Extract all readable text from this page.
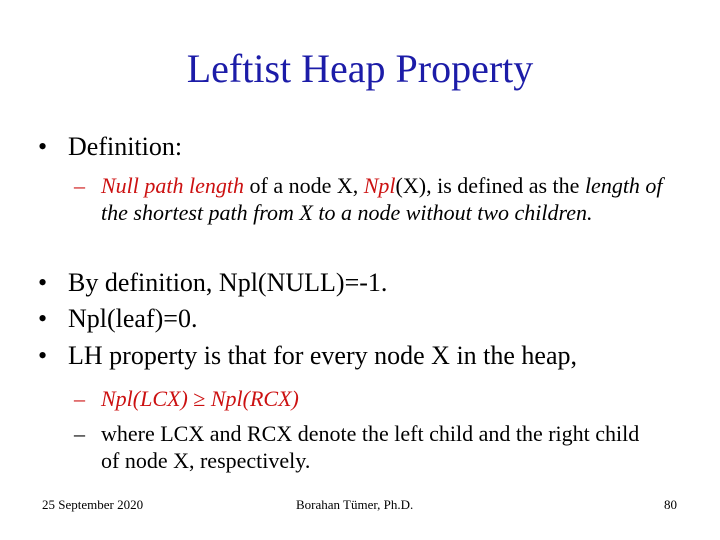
Leftist Heap Property
• Definition:
– Null path length of a node X, Npl(X), is defined as the length of the shortest path from X to a node without two children.
• By definition, Npl(NULL)=-1.
• Npl(leaf)=0.
• LH property is that for every node X in the heap,
– Npl(LCX) ≥ Npl(RCX)
– where LCX and RCX denote the left child and the right child of node X, respectively.
25 September 2020	Borahan Tümer, Ph.D.	80
